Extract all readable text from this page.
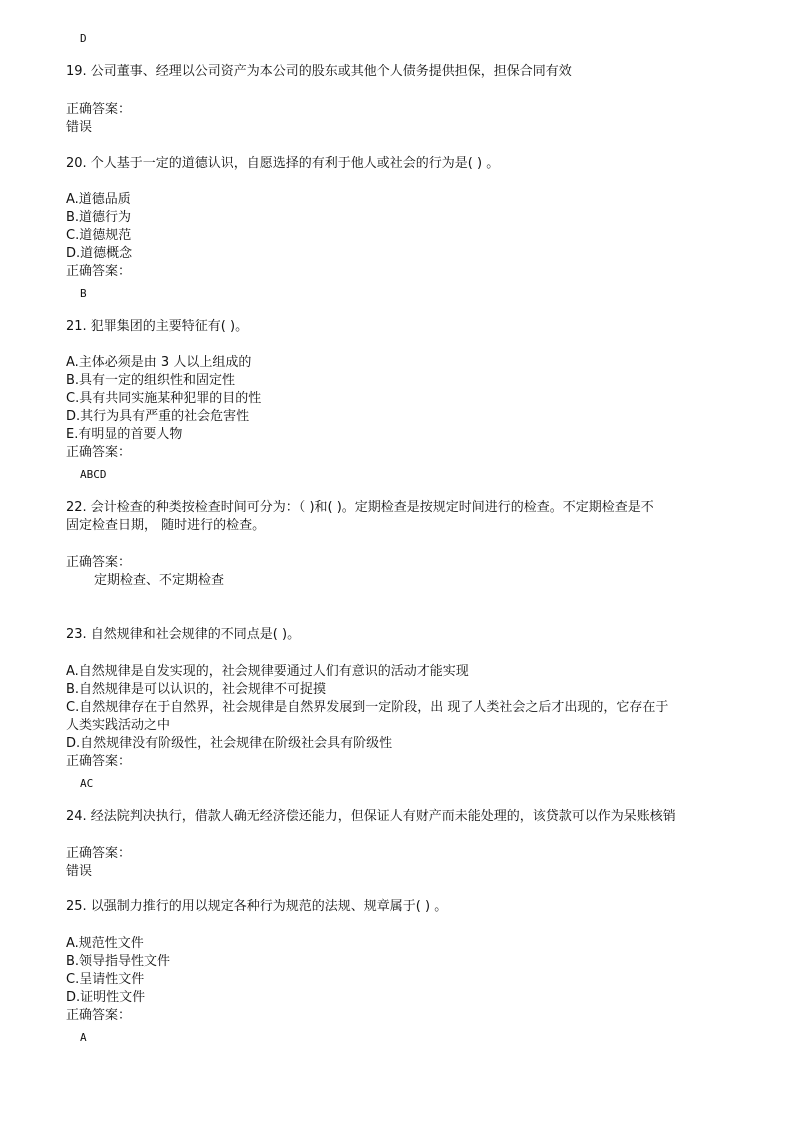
D
19. 公司董事、经理以公司资产为本公司的股东或其他个人债务提供担保，担保合同有效
正确答案：
错误
20. 个人基于一定的道德认识，自愿选择的有利于他人或社会的行为是( ) 。
A.道德品质
B.道德行为
C.道德规范
D.道德概念
正确答案：
B
21. 犯罪集团的主要特征有( )。
A.主体必须是由 3 人以上组成的
B.具有一定的组织性和固定性
C.具有共同实施某种犯罪的目的性
D.其行为具有严重的社会危害性
E.有明显的首要人物
正确答案：
ABCD
22. 会计检查的种类按检查时间可分为：（ )和( )。定期检查是按规定时间进行的检查。不定期检查是不
固定检查日期， 随时进行的检查。
正确答案：
定期检查、不定期检查
23. 自然规律和社会规律的不同点是( )。
A.自然规律是自发实现的，社会规律要通过人们有意识的活动才能实现
B.自然规律是可以认识的，社会规律不可捉摸
C.自然规律存在于自然界，社会规律是自然界发展到一定阶段，出 现了人类社会之后才出现的，它存在于
人类实践活动之中
D.自然规律没有阶级性，社会规律在阶级社会具有阶级性
正确答案：
AC
24. 经法院判决执行，借款人确无经济偿还能力，但保证人有财产而未能处理的，该贷款可以作为呆账核销
正确答案：
错误
25. 以强制力推行的用以规定各种行为规范的法规、规章属于( ) 。
A.规范性文件
B.领导指导性文件
C.呈请性文件
D.证明性文件
正确答案：
A
